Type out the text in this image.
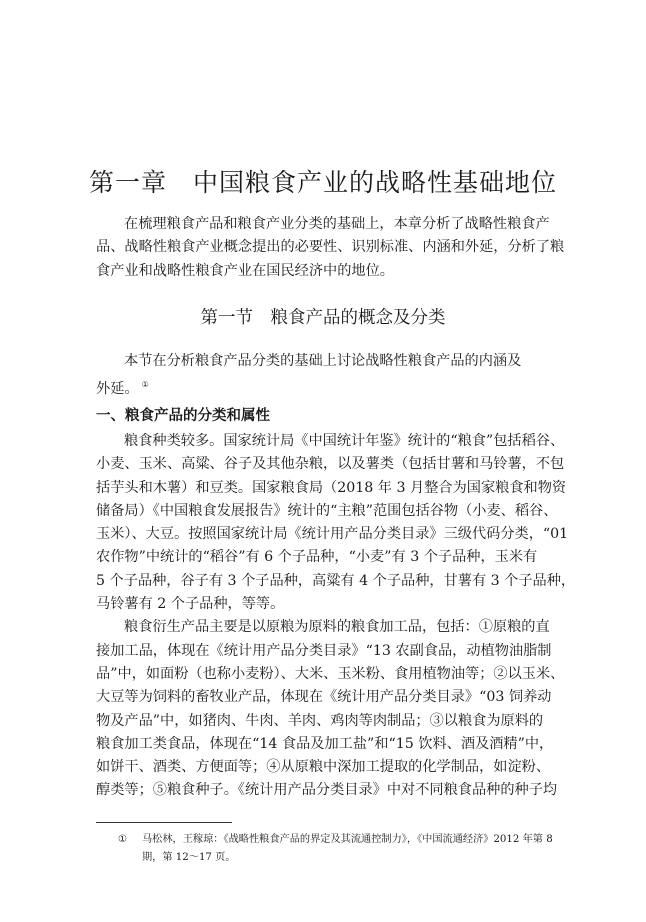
第一章　中国粮食产业的战略性基础地位
在梳理粮食产品和粮食产业分类的基础上，本章分析了战略性粮食产
品、战略性粮食产业概念提出的必要性、识别标准、内涵和外延，分析了粮
食产业和战略性粮食产业在国民经济中的地位。
第一节　粮食产品的概念及分类
本节在分析粮食产品分类的基础上讨论战略性粮食产品的内涵及
外延。 ①
一、粮食产品的分类和属性
粮食种类较多。国家统计局《中国统计年鉴》统计的“粮食”包括稻谷、
小麦、玉米、高粱、谷子及其他杂粮，以及薯类（包括甘薯和马铃薯，不包
括芋头和木薯）和豆类。国家粮食局（2018 年 3 月整合为国家粮食和物资
储备局）《中国粮食发展报告》统计的“主粮”范围包括谷物（小麦、稻谷、
玉米）、大豆。按照国家统计局《统计用产品分类目录》三级代码分类，“01
农作物”中统计的“稻谷”有 6 个子品种，“小麦”有 3 个子品种，玉米有
5 个子品种，谷子有 3 个子品种，高粱有 4 个子品种，甘薯有 3 个子品种，
马铃薯有 2 个子品种，等等。
粮食衍生产品主要是以原粮为原料的粮食加工品，包括：①原粮的直
接加工品，体现在《统计用产品分类目录》“13 农副食品，动植物油脂制
品”中，如面粉（也称小麦粉）、大米、玉米粉、食用植物油等；②以玉米、
大豆等为饲料的畜牧业产品，体现在《统计用产品分类目录》“03 饲养动
物及产品”中，如猪肉、牛肉、羊肉、鸡肉等肉制品；③以粮食为原料的
粮食加工类食品，体现在“14 食品及加工盐”和“15 饮料、酒及酒精”中，
如饼干、酒类、方便面等；④从原粮中深加工提取的化学制品，如淀粉、
醇类等；⑤粮食种子。《统计用产品分类目录》中对不同粮食品种的种子均
① 马松林，王稼琼：《战略性粮食产品的界定及其流通控制力》，《中国流通经济》2012 年第 8 期，第 12～17 页。
